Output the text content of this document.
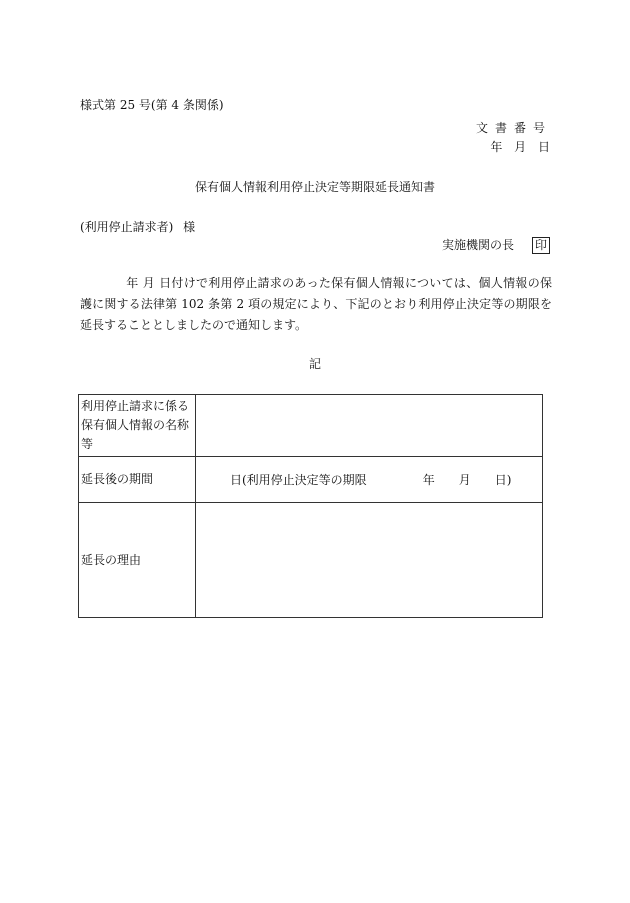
様式第 25 号(第 4 条関係)
文書番号
年 月 日
保有個人情報利用停止決定等期限延長通知書
(利用停止請求者) 様
実施機関の長 印
年 月 日付けで利用停止請求のあった保有個人情報については、個人情報の保護に関する法律第 102 条第 2 項の規定により、下記のとおり利用停止決定等の期限を延長することとしましたので通知します。
記
利用停止請求に係る保有個人情報の名称等	
延長後の期間	日(利用停止決定等の期限 年 月 日)
延長の理由	
